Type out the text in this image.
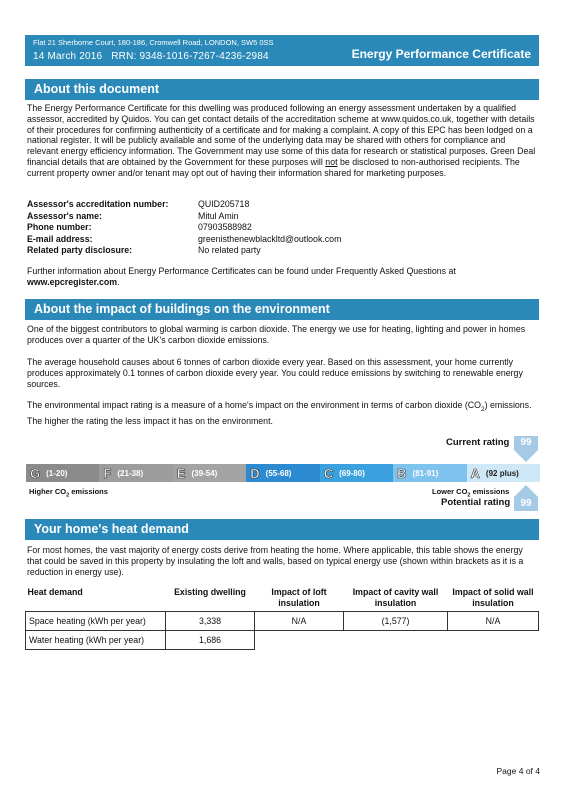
Flat 21 Sherborne Court, 180-186, Cromwell Road, LONDON, SW5 0SS
14 March 2016 RRN: 9348-1016-7267-4236-2984	Energy Performance Certificate
About this document

The Energy Performance Certificate for this dwelling was produced following an energy assessment undertaken by a qualified assessor, accredited by Quidos. You can get contact details of the accreditation scheme at www.quidos.co.uk, together with details of their procedures for confirming authenticity of a certificate and for making a complaint. A copy of this EPC has been lodged on a national register. It will be publicly available and some of the underlying data may be shared with others for compliance and relevant energy efficiency information. The Government may use some of this data for research or statistical purposes. Green Deal financial details that are obtained by the Government for these purposes will not be disclosed to non-authorised recipients. The current property owner and/or tenant may opt out of having their information shared for marketing purposes.

Assessor's accreditation number:	QUID205718
Assessor's name:	Mitul Amin
Phone number:	07903588982
E-mail address:	greenisthenewblackltd@outlook.com
Related party disclosure:	No related party

Further information about Energy Performance Certificates can be found under Frequently Asked Questions at www.epcregister.com.

About the impact of buildings on the environment

One of the biggest contributors to global warming is carbon dioxide. The energy we use for heating, lighting and power in homes produces over a quarter of the UK's carbon dioxide emissions.

The average household causes about 6 tonnes of carbon dioxide every year. Based on this assessment, your home currently produces approximately 0.1 tonnes of carbon dioxide every year. You could reduce emissions by switching to renewable energy sources.

The environmental impact rating is a measure of a home's impact on the environment in terms of carbon dioxide $(CO_2)$ emissions. The higher the rating the less impact it has on the environment.

Current rating	99
G (1-20)	F (21-38)	E (39-54)	D (55-68) C (69-80) B (81-91) A (92 plus)
Higher $CO_2$ emissions	Lower $CO_2$ emissions
Potential rating	99
Your home's heat demand

For most homes, the vast majority of energy costs derive from heating the home. Where applicable, this table shows the energy that could be saved in this property by insulating the loft and walls, based on typical energy use (shown within brackets as it is a reduction in energy use).

Heat demand	Existing dwelling	Impact of loft insulation	Impact of cavity wall insulation	Impact of solid wall insulation
Space heating (kWh per year)	3,338	N/A	(1,577)	N/A
Water heating (kWh per year)	1,686			
Page 4 of 4
